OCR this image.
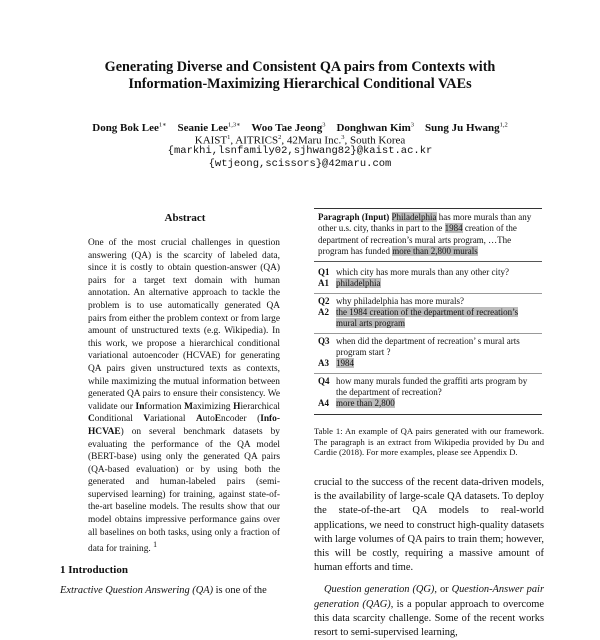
Generating Diverse and Consistent QA pairs from Contexts with
Information-Maximizing Hierarchical Conditional VAEs
Dong Bok Lee$^{1∗}$ Seanie Lee$^{1,3∗}$ Woo Tae Jeong$^3$ Donghwan Kim$^3$ Sung Ju Hwang$^{1,2}$
KAIST$^1$, AITRICS$^2$, 42Maru Inc.$^3$, South Korea
{markhi,lsnfamily02,sjhwang82}@kaist.ac.kr
{wtjeong,scissors}@42maru.com
Abstract
One of the most crucial challenges in question answering (QA) is the scarcity of labeled data, since it is costly to obtain question-answer (QA) pairs for a target text domain with human annotation. An alternative approach to tackle the problem is to use automatically generated QA pairs from either the problem context or from large amount of unstructured texts (e.g. Wikipedia). In this work, we propose a hierarchical conditional variational autoencoder (HCVAE) for generating QA pairs given unstructured texts as contexts, while maximizing the mutual information between generated QA pairs to ensure their consistency. We validate our Information Maximizing Hierarchical Conditional Variational AutoEncoder (Info-HCVAE) on several benchmark datasets by evaluating the performance of the QA model (BERT-base) using only the generated QA pairs (QA-based evaluation) or by using both the generated and human-labeled pairs (semi-supervised learning) for training, against state-of-the-art baseline models. The results show that our model obtains impressive performance gains over all baselines on both tasks, using only a fraction of data for training. $^1$
1 Introduction
Extractive Question Answering (QA) is one of the
Paragraph (Input) Philadelphia has more murals than any other u.s. city, thanks in part to the 1984 creation of the department of recreation’s mural arts program, …The program has funded more than 2,800 murals
Q1 which city has more murals than any other city?
A1 philadelphia
Q2 why philadelphia has more murals?
A2 the 1984 creation of the department of recreation’s mural arts program
Q3 when did the department of recreation’ s mural arts program start ?
A3 1984
Q4 how many murals funded the graffiti arts program by the department of recreation?
A4 more than 2,800
Table 1: An example of QA pairs generated with our framework. The paragraph is an extract from Wikipedia provided by Du and Cardie (2018). For more examples, please see Appendix D.

crucial to the success of the recent data-driven models, is the availability of large-scale QA datasets. To deploy the state-of-the-art QA models to real-world applications, we need to construct high-quality datasets with large volumes of QA pairs to train them; however, this will be costly, requiring a massive amount of human efforts and time.

Question generation (QG), or Question-Answer pair generation (QAG), is a popular approach to overcome this data scarcity challenge. Some of the recent works resort to semi-supervised learning,
